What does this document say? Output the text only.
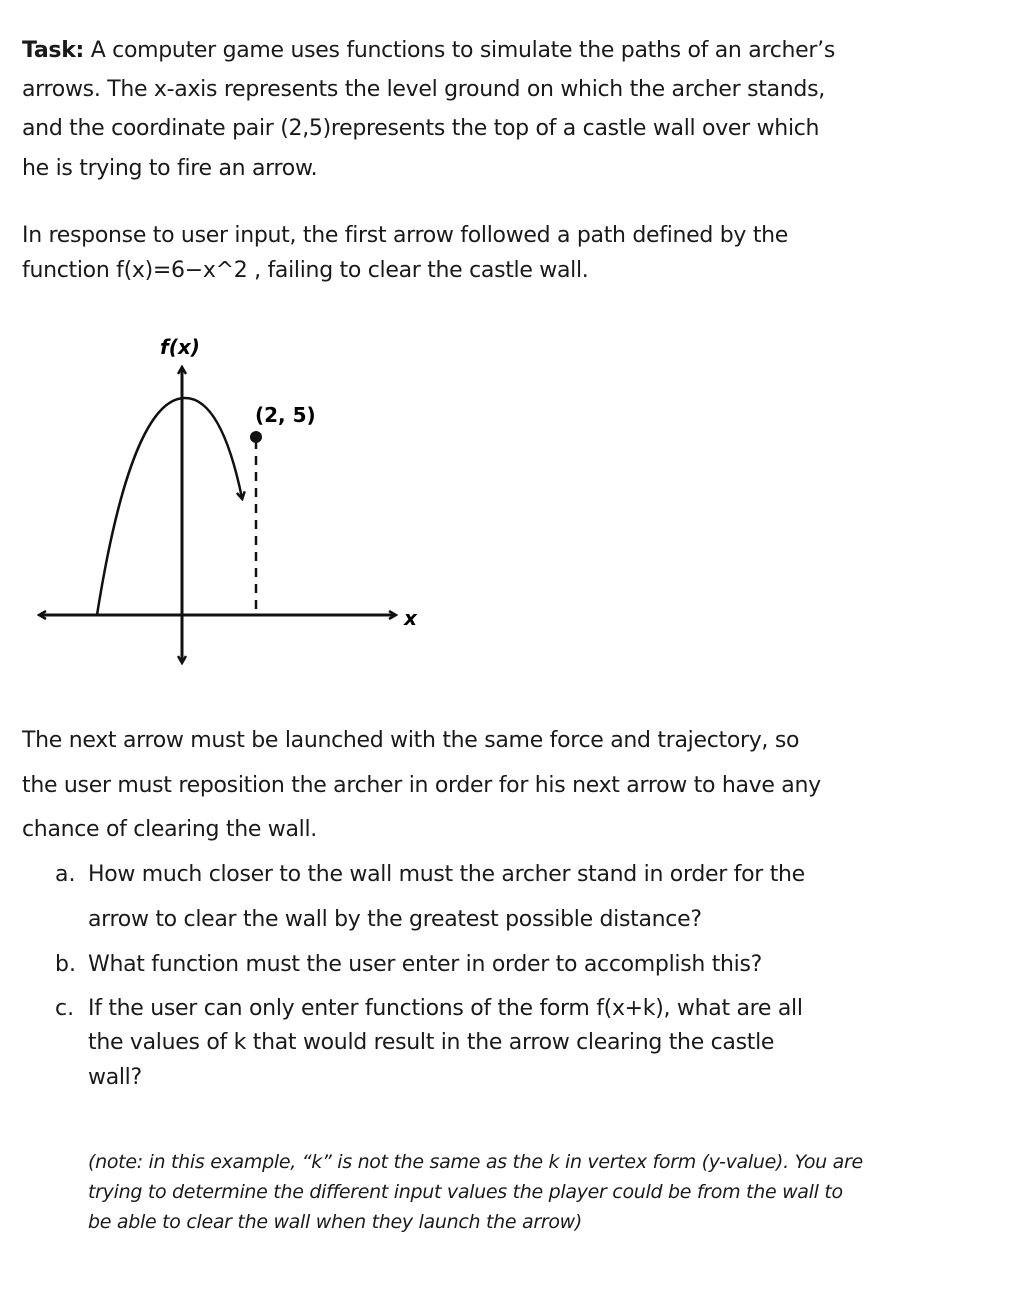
Task: A computer game uses functions to simulate the paths of an archer’s
arrows. The x-axis represents the level ground on which the archer stands,
and the coordinate pair (2,5)represents the top of a castle wall over which
he is trying to fire an arrow.
In response to user input, the first arrow followed a path defined by the
function f(x)=6−x^2 , failing to clear the castle wall.
f(x)
x
(2, 5)
The next arrow must be launched with the same force and trajectory, so
the user must reposition the archer in order for his next arrow to have any
chance of clearing the wall.
a. How much closer to the wall must the archer stand in order for the
arrow to clear the wall by the greatest possible distance?
b. What function must the user enter in order to accomplish this?
c. If the user can only enter functions of the form f(x+k), what are all
the values of k that would result in the arrow clearing the castle
wall?
(note: in this example, “k” is not the same as the k in vertex form (y-value). You are
trying to determine the different input values the player could be from the wall to
be able to clear the wall when they launch the arrow)
